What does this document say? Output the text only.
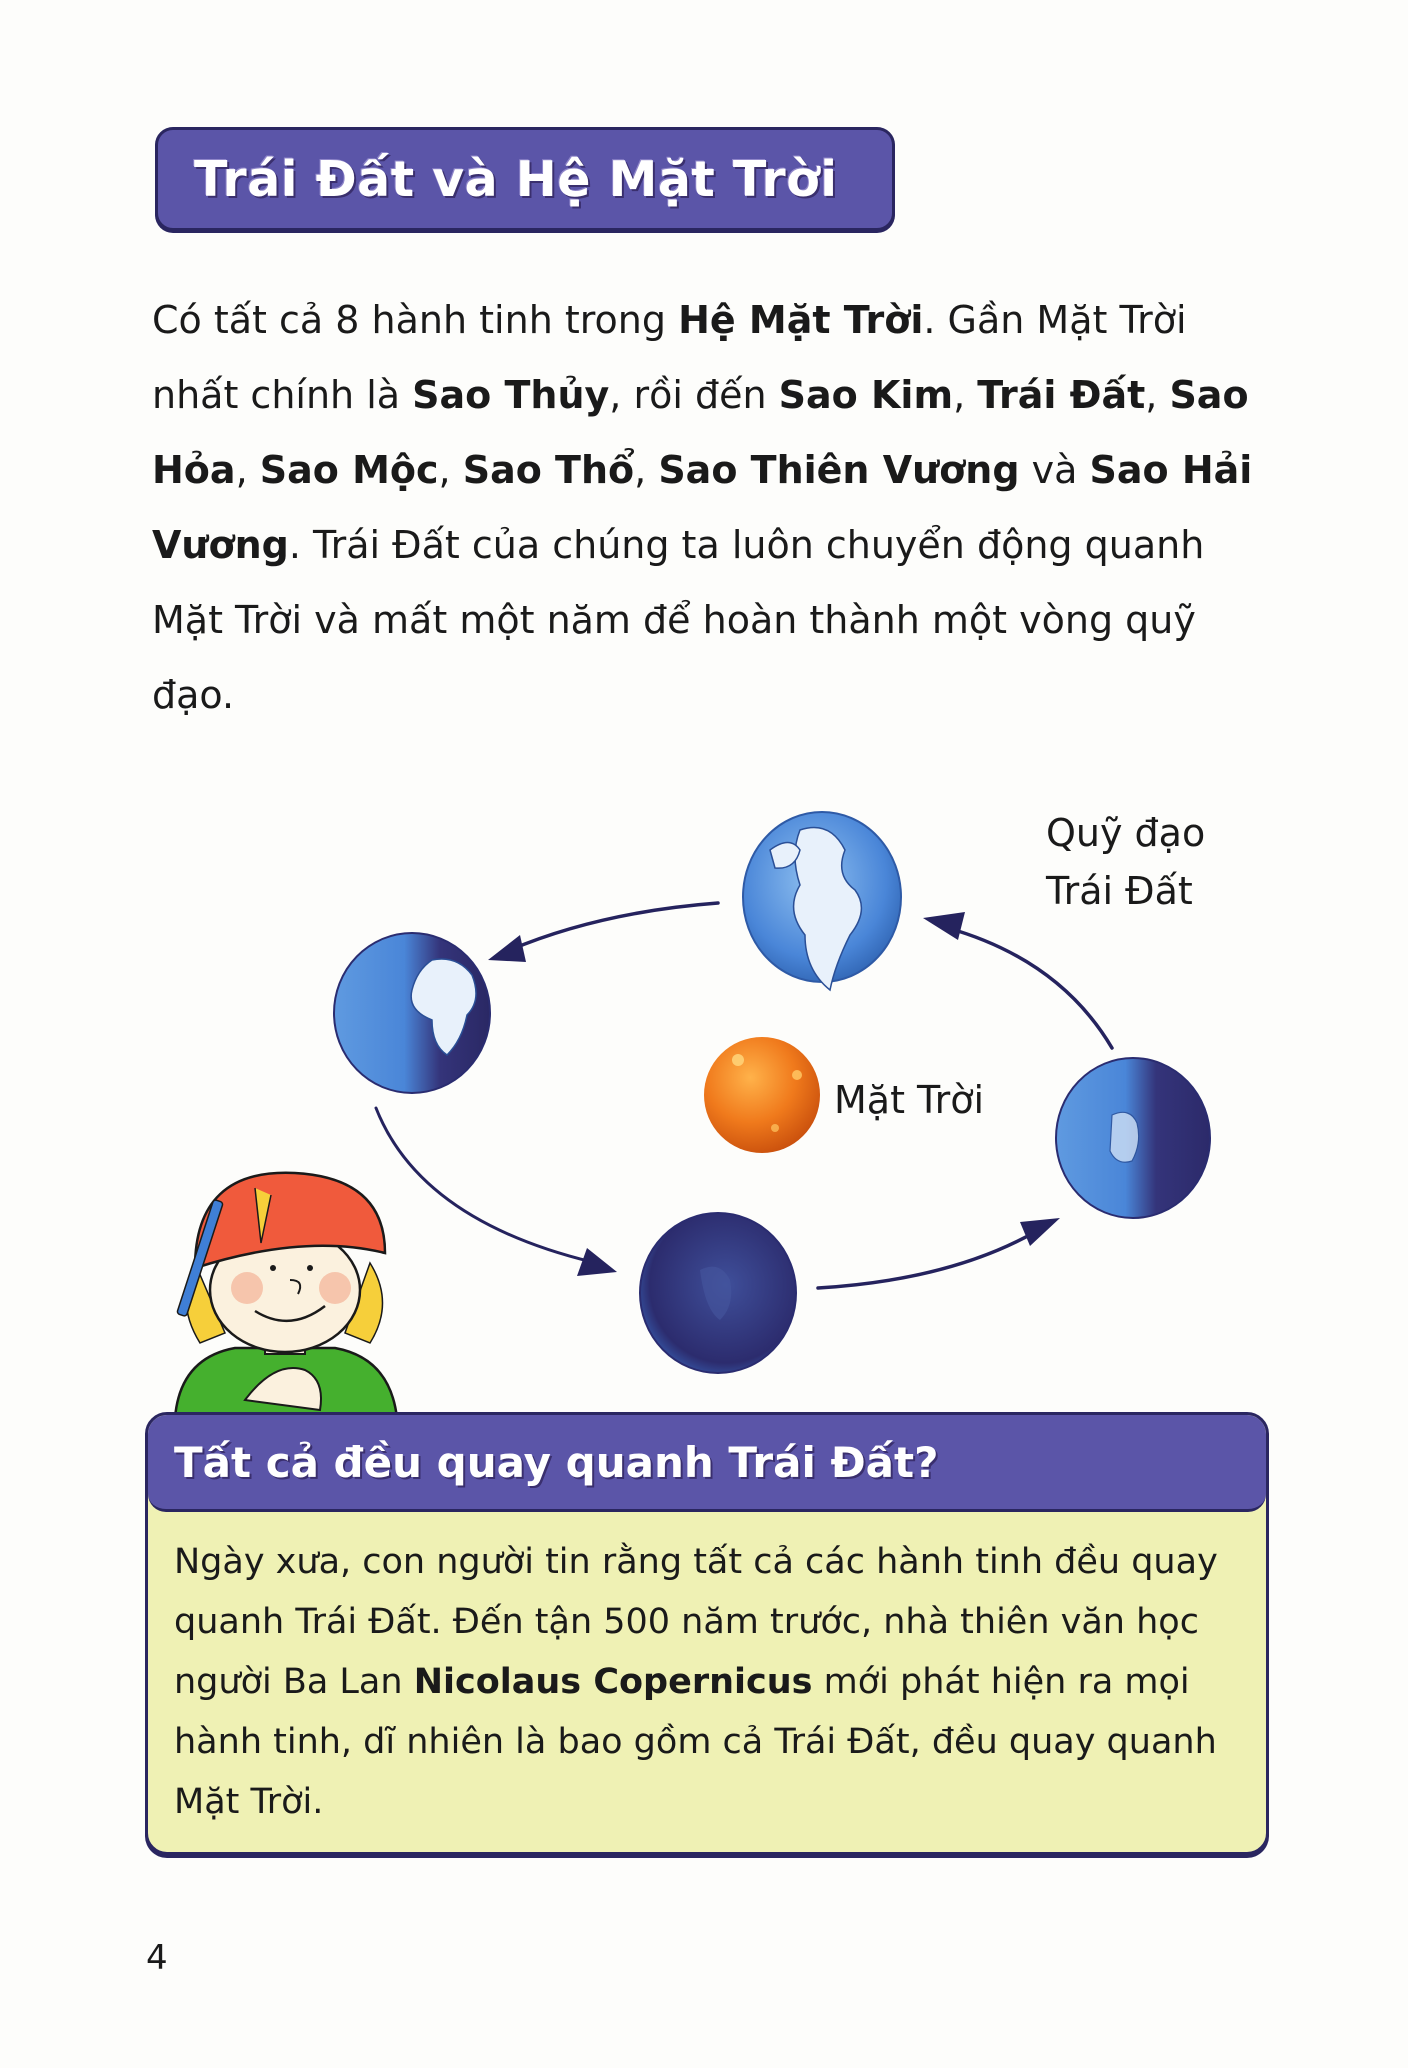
Trái Đất và Hệ Mặt Trời

Có tất cả 8 hành tinh trong Hệ Mặt Trời. Gần Mặt Trời nhất chính là Sao Thủy, rồi đến Sao Kim, Trái Đất, Sao Hỏa, Sao Mộc, Sao Thổ, Sao Thiên Vương và Sao Hải Vương. Trái Đất của chúng ta luôn chuyển động quanh Mặt Trời và mất một năm để hoàn thành một vòng quỹ đạo.

Quỹ đạo
Trái Đất
Mặt Trời
Tất cả đều quay quanh Trái Đất?
Ngày xưa, con người tin rằng tất cả các hành tinh đều quay quanh Trái Đất. Đến tận 500 năm trước, nhà thiên văn học người Ba Lan Nicolaus Copernicus mới phát hiện ra mọi hành tinh, dĩ nhiên là bao gồm cả Trái Đất, đều quay quanh Mặt Trời.
4
